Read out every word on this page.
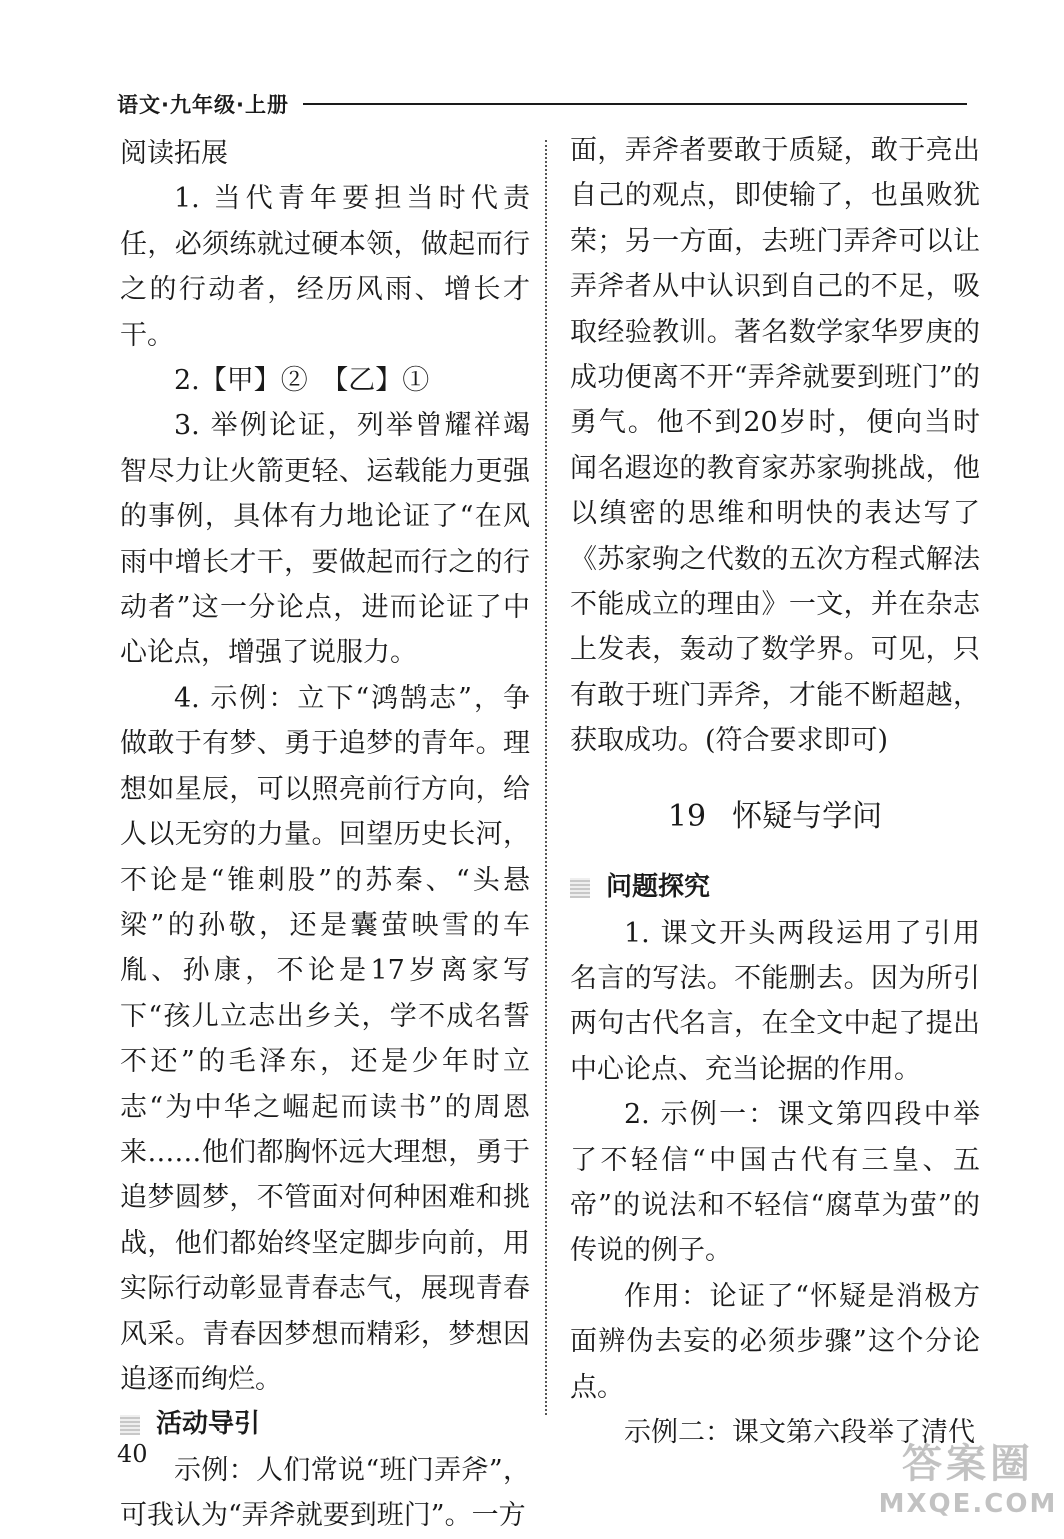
语文·九年级·上册

阅读拓展

1. 当代青年要担当时代责任，必须练就过硬本领，做起而行之的行动者，经历风雨、增长才干。

2.【甲】②　【乙】①

3. 举例论证，列举曾耀祥竭智尽力让火箭更轻、运载能力更强的事例，具体有力地论证了“在风雨中增长才干，要做起而行之的行动者”这一分论点，进而论证了中心论点，增强了说服力。

4. 示例：立下“鸿鹄志”，争做敢于有梦、勇于追梦的青年。理想如星辰，可以照亮前行方向，给人以无穷的力量。回望历史长河，不论是“锥刺股”的苏秦、“头悬梁”的孙敬，还是囊萤映雪的车胤、孙康，不论是17岁离家写下“孩儿立志出乡关，学不成名誓不还”的毛泽东，还是少年时立志“为中华之崛起而读书”的周恩来……他们都胸怀远大理想，勇于追梦圆梦，不管面对何种困难和挑战，他们都始终坚定脚步向前，用实际行动彰显青春志气，展现青春风采。青春因梦想而精彩，梦想因追逐而绚烂。

活动导引

示例：人们常说“班门弄斧”，可我认为“弄斧就要到班门”。一方

面，弄斧者要敢于质疑，敢于亮出自己的观点，即使输了，也虽败犹荣；另一方面，去班门弄斧可以让弄斧者从中认识到自己的不足，吸取经验教训。著名数学家华罗庚的成功便离不开“弄斧就要到班门”的勇气。他不到20岁时，便向当时闻名遐迩的教育家苏家驹挑战，他以缜密的思维和明快的表达写了《苏家驹之代数的五次方程式解法不能成立的理由》一文，并在杂志上发表，轰动了数学界。可见，只有敢于班门弄斧，才能不断超越，获取成功。(符合要求即可)

19 怀疑与学问
问题探究

1. 课文开头两段运用了引用名言的写法。不能删去。因为所引两句古代名言，在全文中起了提出中心论点、充当论据的作用。

2. 示例一：课文第四段中举了不轻信“中国古代有三皇、五帝”的说法和不轻信“腐草为萤”的传说的例子。

作用：论证了“怀疑是消极方面辨伪去妄的必须步骤”这个分论点。

示例二：课文第六段举了清代

40	答案圈
MXQE.COM
